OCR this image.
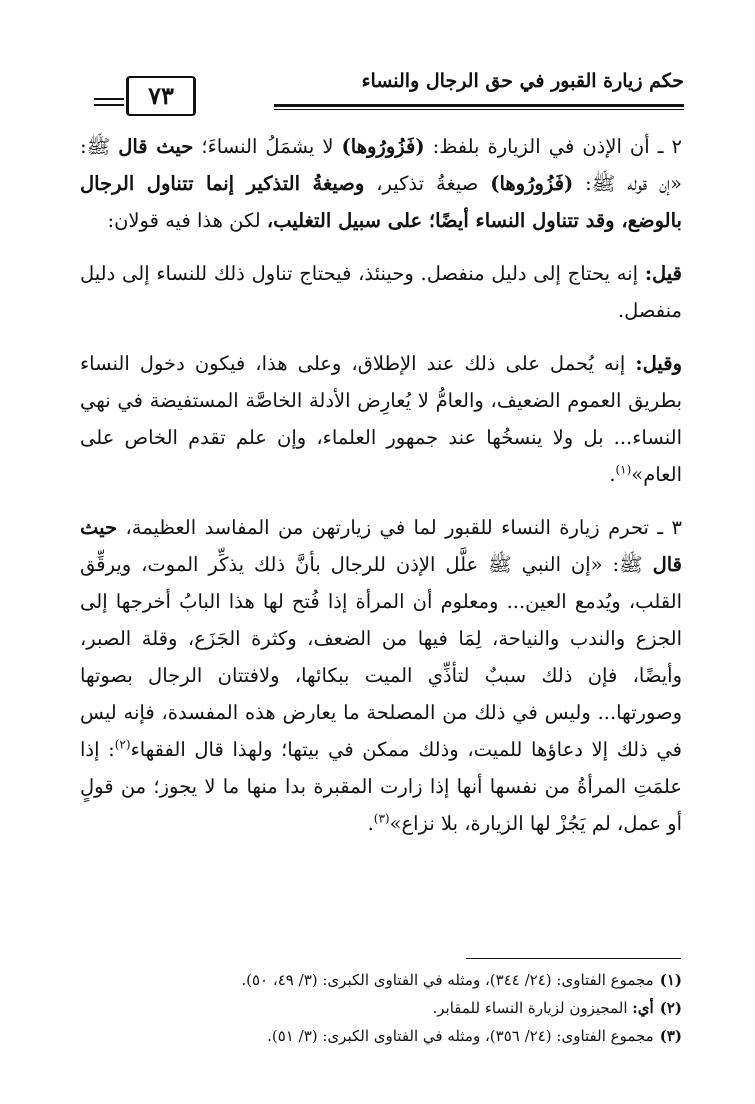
حكم زيارة القبور في حق الرجال والنساء
٧٣

٢ ـ أن الإذن في الزيارة بلفظ: (فَزُورُوها) لا يشمَلُ النساءَ؛ حيث قال ﷺ: «إن قوله ﷺ: (فَزُورُوها) صيغةُ تذكير، وصيغةُ التذكير إنما تتناول الرجال بالوضع، وقد تتناول النساء أيضًا؛ على سبيل التغليب، لكن هذا فيه قولان:

قيل: إنه يحتاج إلى دليل منفصل. وحينئذ، فيحتاج تناول ذلك للنساء إلى دليل منفصل.

وقيل: إنه يُحمل على ذلك عند الإطلاق، وعلى هذا، فيكون دخول النساء بطريق العموم الضعيف، والعامُّ لا يُعارِض الأدلة الخاصَّة المستفيضة في نهي النساء... بل ولا ينسخُها عند جمهور العلماء، وإن علم تقدم الخاص على العام»$^{(١)}$.

٣ ـ تحرم زيارة النساء للقبور لما في زيارتهن من المفاسد العظيمة، حيث قال ﷺ: «إن النبي ﷺ علَّل الإذن للرجال بأنَّ ذلك يذكِّر الموت، ويرقِّق القلب، ويُدمع العين... ومعلوم أن المرأة إذا فُتح لها هذا البابُ أخرجها إلى الجزع والندب والنياحة، لِمَا فيها من الضعف، وكثرة الجَزَع، وقلة الصبر، وأيضًا، فإن ذلك سببٌ لتأذِّي الميت ببكائها، ولافتتان الرجال بصوتها وصورتها... وليس في ذلك من المصلحة ما يعارض هذه المفسدة، فإنه ليس في ذلك إلا دعاؤها للميت، وذلك ممكن في بيتها؛ ولهذا قال الفقهاء$^{(٢)}$: إذا علمَتِ المرأةُ من نفسها أنها إذا زارت المقبرة بدا منها ما لا يجوز؛ من قولٍ أو عمل، لم يَجُزْ لها الزيارة، بلا نزاع»$^{(٣)}$.

(١)مجموع الفتاوى: (٢٤/ ٣٤٤)، ومثله في الفتاوى الكبرى: (٣/ ٤٩، ٥٠).
(٢)أي: المجيزون لزيارة النساء للمقابر.
(٣)مجموع الفتاوى: (٢٤/ ٣٥٦)، ومثله في الفتاوى الكبرى: (٣/ ٥١).
